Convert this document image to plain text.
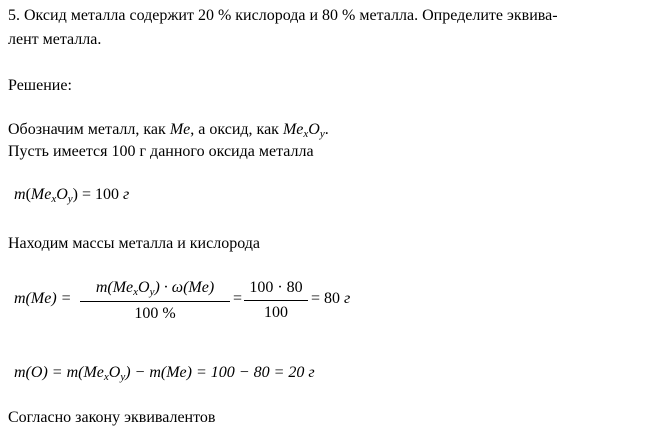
5. Оксид металла содержит 20 % кислорода и 80 % металла. Определите эквива-
лент металла.
Решение:
Обозначим металл, как Me, а оксид, как $Me_xO_y$.
Пусть имеется 100 г данного оксида металла
$m(Me_xO_y) = 100$ г
Находим массы металла и кислорода
m(Me) =
$m(Me_xO_y) \cdot \omega(Me)$
100 %
=
100 · 80
100
= 80 г
$m(O) = m(Me_xO_y) - m(Me) = 100 - 80 = 20$ г
Согласно закону эквивалентов
